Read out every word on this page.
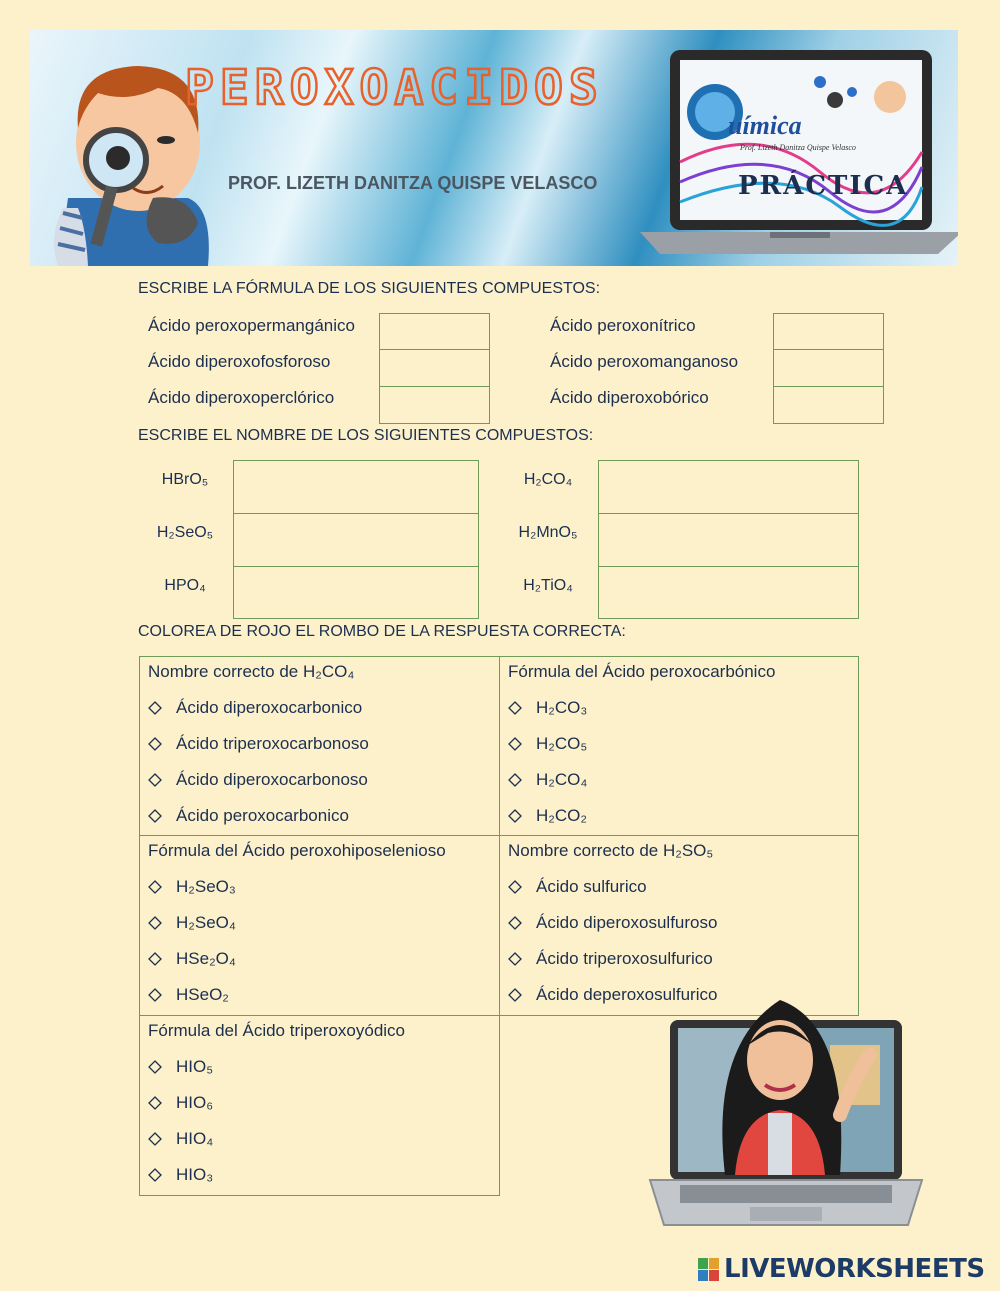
PEROXOACIDOS
PROF. LIZETH DANITZA QUISPE VELASCO
uímica
Prof. Lizeth Danitza Quispe Velasco
PRÁCTICA
ESCRIBE LA FÓRMULA DE LOS SIGUIENTES COMPUESTOS:
Ácido peroxopermangánico
Ácido diperoxofosforoso
Ácido diperoxoperclórico
Ácido peroxonítrico
Ácido peroxomanganoso
Ácido diperoxobórico
ESCRIBE EL NOMBRE DE LOS SIGUIENTES COMPUESTOS:
HBrO₅
H₂SeO₅
HPO₄
H₂CO₄
H₂MnO₅
H₂TiO₄
COLOREA DE ROJO EL ROMBO DE LA RESPUESTA CORRECTA:
Nombre correcto de H₂CO₄
Ácido diperoxocarbonico
Ácido triperoxocarbonoso
Ácido diperoxocarbonoso
Ácido peroxocarbonico
Fórmula del Ácido peroxocarbónico
H₂CO₃
H₂CO₅
H₂CO₄
H₂CO₂
Fórmula del Ácido peroxohiposelenioso
H₂SeO₃
H₂SeO₄
HSe₂O₄
HSeO₂
Nombre correcto de H₂SO₅
Ácido sulfurico
Ácido diperoxosulfuroso
Ácido triperoxosulfurico
Ácido deperoxosulfurico
Fórmula del Ácido triperoxoyódico
HIO₅
HIO₆
HIO₄
HIO₃
LIVEWORKSHEETS
